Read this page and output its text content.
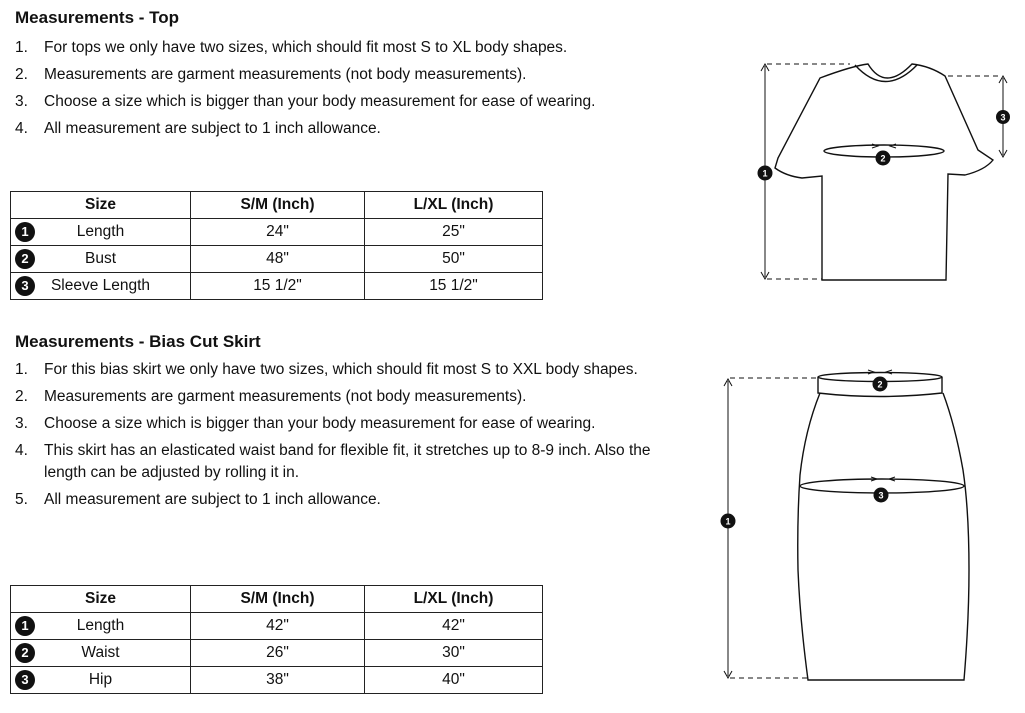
Measurements - Top
1. For tops we only have two sizes, which should fit most S to XL body shapes.
2. Measurements are garment measurements (not body measurements).
3. Choose a size which is bigger than your body measurement for ease of wearing.
4. All measurement are subject to 1 inch allowance.
Size	S/M (Inch)	L/XL (Inch)

1 Length	24"	25"

2 Bust	48"	50"

3 Sleeve Length	15 1/2"	15 1/2"
1
2
3
Measurements - Bias Cut Skirt
1. For this bias skirt we only have two sizes, which should fit most S to XXL body shapes.
2. Measurements are garment measurements (not body measurements).
3. Choose a size which is bigger than your body measurement for ease of wearing.
4. This skirt has an elasticated waist band for flexible fit, it stretches up to 8-9 inch. Also the length can be adjusted by rolling it in.
5. All measurement are subject to 1 inch allowance.
Size	S/M (Inch)	L/XL (Inch)

1 Length	42"	42"

2 Waist	26"	30"

3 Hip	38"	40"
1
2
3
